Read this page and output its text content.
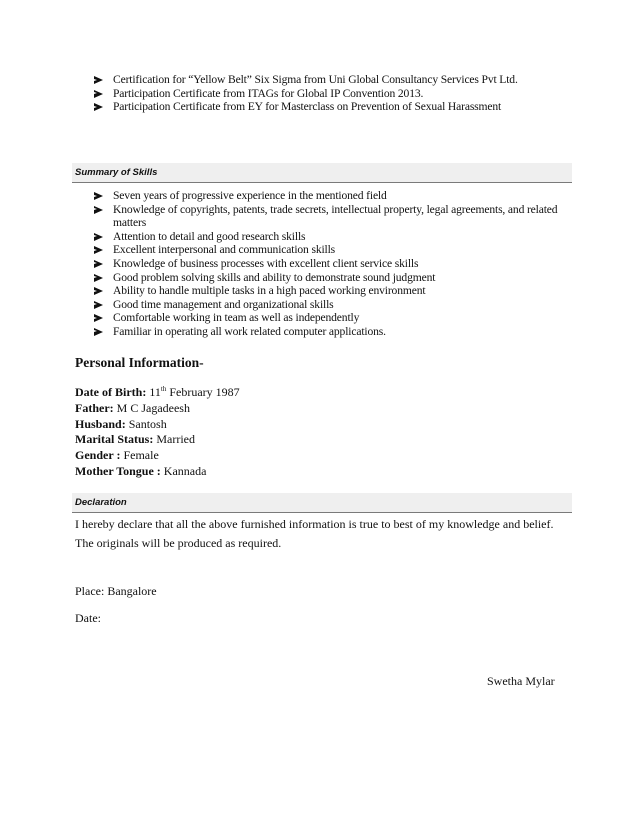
Certification for “Yellow Belt” Six Sigma from Uni Global Consultancy Services Pvt Ltd.
Participation Certificate from ITAGs for Global IP Convention 2013.
Participation Certificate from EY for Masterclass on Prevention of Sexual Harassment
Summary of Skills
Seven years of progressive experience in the mentioned field
Knowledge of copyrights, patents, trade secrets, intellectual property, legal agreements, and related matters
Attention to detail and good research skills
Excellent interpersonal and communication skills
Knowledge of business processes with excellent client service skills
Good problem solving skills and ability to demonstrate sound judgment
Ability to handle multiple tasks in a high paced working environment
Good time management and organizational skills
Comfortable working in team as well as independently
Familiar in operating all work related computer applications.
Personal Information-
Date of Birth: 11th February 1987
Father: M C Jagadeesh
Husband: Santosh
Marital Status: Married
Gender : Female
Mother Tongue : Kannada
Declaration
I hereby declare that all the above furnished information is true to best of my knowledge and belief.
The originals will be produced as required.
Place: Bangalore
Date:
Swetha Mylar
